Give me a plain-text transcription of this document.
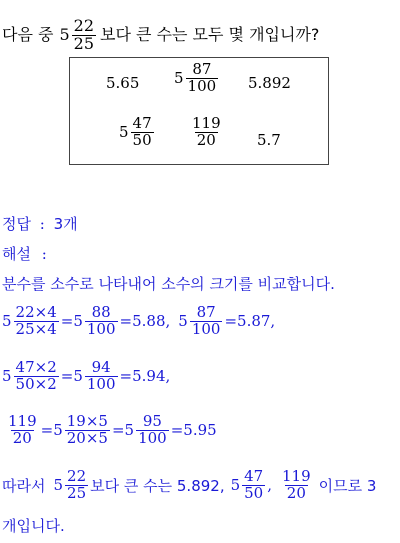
다음 중 $5 \frac{22}{25}$ 보다 큰 수는 모두 몇 개입니까?
5.65 $5 \frac{87}{100} 5.892$
$5 \frac{47}{50} \frac{119}{20} 5.7$
정답 : 3개
해설 :
분수를 소수로 나타내어 소수의 크기를 비교합니다.
$5 \frac{22\times 4}{25\times 4} = 5 \frac{88}{100} =5.88$, $5 \frac{87}{100} =5.87$,
$5 \frac{47\times 2}{50\times 2} = 5 \frac{94}{100} =5.94$,
$\frac{119}{20} = 5 \frac{19\times 5}{20\times 5} = 5 \frac{95}{100} =5.95$
따라서 $5 \frac{22}{25}$ 보다 큰 수는 5.892, $5 \frac{47}{50}$ , $\frac{119}{20}$ 이므로 3
개입니다.
